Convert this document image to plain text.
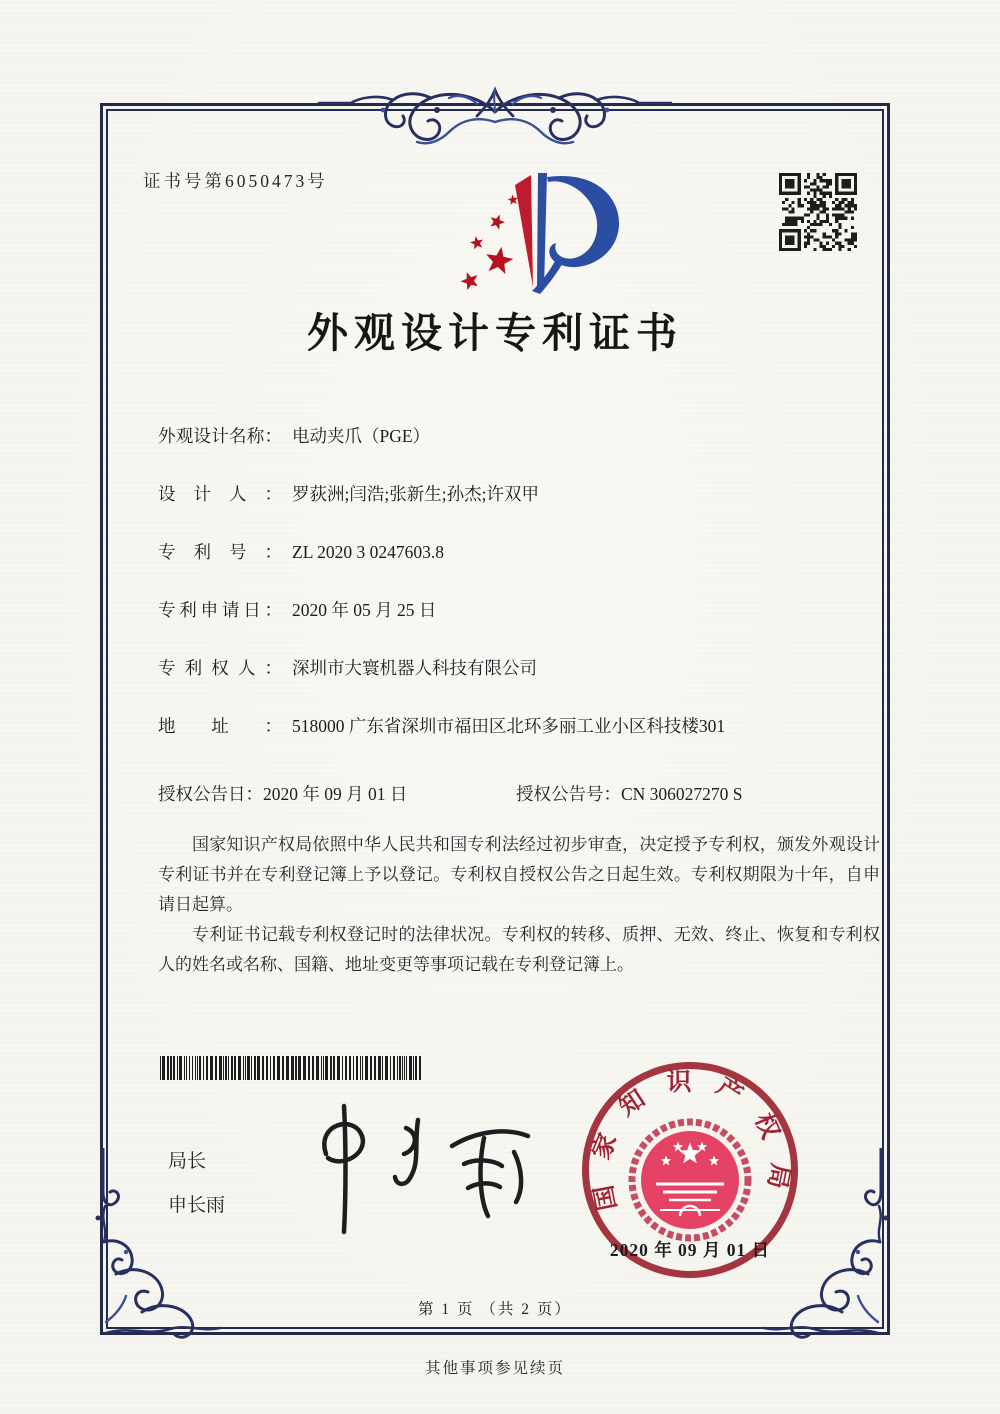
证书号第6050473号
外观设计专利证书
外观设计名称： 电动夹爪（PGE）
设计人： 罗荻洲;闫浩;张新生;孙杰;许双甲
专利号： ZL 2020 3 0247603.8
专利申请日： 2020 年 05 月 25 日
专利权人： 深圳市大寰机器人科技有限公司
地址： 518000 广东省深圳市福田区北环多丽工业小区科技楼301
授权公告日：2020 年 09 月 01 日	授权公告号：CN 306027270 S

国家知识产权局依照中华人民共和国专利法经过初步审查，决定授予专利权，颁发外观设计专利证书并在专利登记簿上予以登记。专利权自授权公告之日起生效。专利权期限为十年，自申请日起算。

专利证书记载专利权登记时的法律状况。专利权的转移、质押、无效、终止、恢复和专利权人的姓名或名称、国籍、地址变更等事项记载在专利登记簿上。

局长
申长雨	国家知识产权局
2020 年 09 月 01 日
第 1 页 （共 2 页）
其他事项参见续页
